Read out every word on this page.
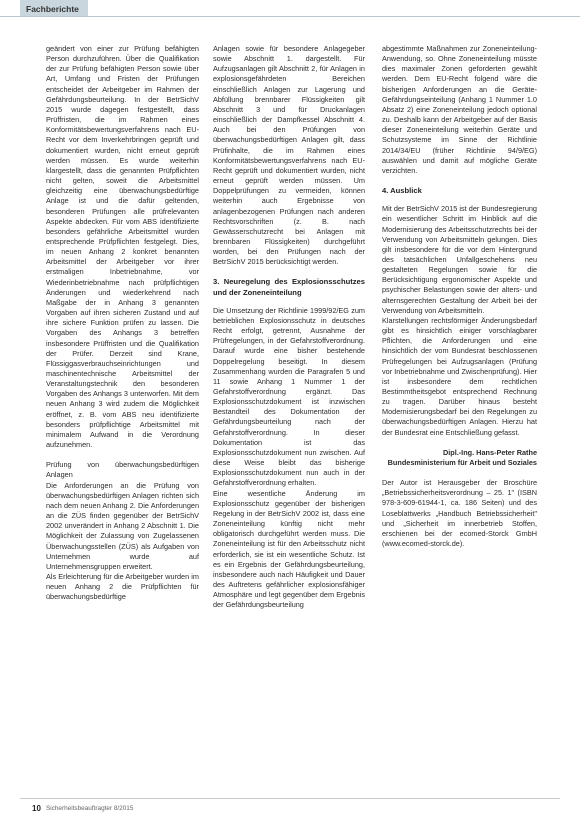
Fachberichte

geändert von einer zur Prüfung befähigten Person durchzuführen. Über die Qualifikation der zur Prüfung befähigten Person sowie über Art, Umfang und Fristen der Prüfungen entscheidet der Arbeitgeber im Rahmen der Gefährdungsbeurteilung. In der BetrSichV 2015 wurde dagegen festgestellt, dass Prüffristen, die im Rahmen eines Konformitätsbewertungsverfahrens nach EU-Recht vor dem Inverkehrbringen geprüft und dokumentiert wurden, nicht erneut geprüft werden müssen. Es wurde weiterhin klargestellt, dass die genannten Prüfpflichten nicht gelten, soweit die Arbeitsmittel gleichzeitig eine überwachungsbedürftige Anlage ist und die dafür geltenden, besonderen Prüfungen alle prüfrelevanten Aspekte abdecken. Für vom ABS identifizierte besonders gefährliche Arbeitsmittel wurden entsprechende Prüfpflichten festgelegt. Dies, im neuen Anhang 2 konkret benannten Arbeitsmittel der Arbeitgeber vor ihrer erstmaligen Inbetriebnahme, vor Wiederinbetriebnahme nach prüfpflichtigen Änderungen und wiederkehrend nach Maßgabe der in Anhang 3 genannten Vorgaben auf ihren sicheren Zustand und auf ihre sichere Funktion prüfen zu lassen. Die Vorgaben des Anhangs 3 betreffen insbesondere Prüffristen und die Qualifikation der Prüfer. Derzeit sind Krane, Flüssiggasverbrauchseinrichtungen und maschinentechnische Arbeitsmittel der Veranstaltungstechnik den besonderen Vorgaben des Anhangs 3 unterworfen. Mit dem neuen Anhang 3 wird zudem die Möglichkeit eröffnet, z. B. vom ABS neu identifizierte besonders prüfpflichtige Arbeitsmittel mit minimalem Aufwand in die Verordnung aufzunehmen.

Prüfung von überwachungsbedürftigen Anlagen

Die Anforderungen an die Prüfung von überwachungsbedürftigen Anlagen richten sich nach dem neuen Anhang 2. Die Anforderungen an die ZÜS finden gegenüber der BetrSichV 2002 unverändert in Anhang 2 Abschnitt 1. Die Möglichkeit der Zulassung von Zugelassenen Überwachungsstellen (ZÜS) als Aufgaben von Unternehmen wurde auf Unternehmensgruppen erweitert.

Als Erleichterung für die Arbeitgeber wurden im neuen Anhang 2 die Prüfpflichten für überwachungsbedürftige

Anlagen sowie für besondere Anlagegeber sowie Abschnitt 1. dargestellt. Für Aufzugsanlagen gilt Abschnitt 2, für Anlagen in explosionsgefährdeten Bereichen einschließlich Anlagen zur Lagerung und Abfüllung brennbarer Flüssigkeiten gilt Abschnitt 3 und für Druckanlagen einschließlich der Dampfkessel Abschnitt 4. Auch bei den Prüfungen von überwachungsbedürftigen Anlagen gilt, dass Prüfinhalte, die im Rahmen eines Konformitätsbewertungsverfahrens nach EU-Recht geprüft und dokumentiert wurden, nicht erneut geprüft werden müssen. Um Doppelprüfungen zu vermeiden, können weiterhin auch Ergebnisse von anlagenbezogenen Prüfungen nach anderen Rechtsvorschriften (z. B. nach Gewässerschutzrecht bei Anlagen mit brennbaren Flüssigkeiten) durchgeführt worden, bei den Prüfungen nach der BetrSichV 2015 berücksichtigt werden.

3. Neuregelung des Explosionsschutzes und der Zoneneinteilung

Die Umsetzung der Richtlinie 1999/92/EG zum betrieblichen Explosionsschutz in deutsches Recht erfolgt, getrennt, Ausnahme der Prüfregelungen, in der Gefahrstoffverordnung. Darauf wurde eine bisher bestehende Doppelregelung beseitigt. In diesem Zusammenhang wurden die Paragrafen 5 und 11 sowie Anhang 1 Nummer 1 der Gefahrstoffverordnung ergänzt. Das Explosionsschutzdokument ist inzwischen Bestandteil des Dokumentation der Gefährdungsbeurteilung nach der Gefahrstoffverordnung. In dieser Dokumentation ist das Explosionsschutzdokument nun zwischen. Auf diese Weise bleibt das bisherige Explosionsschutzdokument nun auch in der Gefahrstoffverordnung erhalten.

Eine wesentliche Änderung im Explosionsschutz gegenüber der bisherigen Regelung in der BetrSichV 2002 ist, dass eine Zoneneinteilung künftig nicht mehr obligatorisch durchgeführt werden muss. Die Zoneneinteilung ist für den Arbeitsschutz nicht erforderlich, sie ist ein wesentliche Schutz. Ist es ein Ergebnis der Gefährdungsbeurteilung, insbesondere auch nach Häufigkeit und Dauer des Auftretens gefährlicher explosionsfähiger Atmosphäre und legt gegenüber dem Ergebnis der Gefährdungsbeurteilung

abgestimmte Maßnahmen zur Zoneneinteilung-Anwendung, so. Ohne Zoneneinteilung müsste dies maximaler Zonen geforderten gewählt werden. Dem EU-Recht folgend wäre die bisherigen Anforderungen an die Geräte-Gefährdungseinteilung (Anhang 1 Nummer 1.0 Absatz 2) eine Zoneneinteilung jedoch optional zu. Deshalb kann der Arbeitgeber auf der Basis dieser Zoneneinteilung weiterhin Geräte und Schutzsysteme im Sinne der Richtlinie 2014/34/EU (früher Richtlinie 94/9/EG) auswählen und damit auf mögliche Geräte verzichten.

4. Ausblick

Mit der BetrSichV 2015 ist der Bundesregierung ein wesentlicher Schritt im Hinblick auf die Modernisierung des Arbeitsschutzrechts bei der Verwendung von Arbeitsmitteln gelungen. Dies gilt insbesondere für die vor dem Hintergrund des tatsächlichen Unfallgeschehens neu gestalteten Regelungen sowie für die Berücksichtigung ergonomischer Aspekte und psychischer Belastungen sowie der alters- und alternsgerechten Gestaltung der Arbeit bei der Verwendung von Arbeitsmitteln.

Klarstellungen rechtsförmiger Änderungsbedarf gibt es hinsichtlich einiger vorschlagbarer Pflichten, die Anforderungen und eine hinsichtlich der vom Bundesrat beschlossenen Prüfregelungen bei Aufzugsanlagen (Prüfung vor Inbetriebnahme und Zwischenprüfung). Hier ist insbesondere dem rechtlichen Bestimmtheitsgebot entsprechend Rechnung zu tragen. Darüber hinaus besteht Modernisierungsbedarf bei den Regelungen zu überwachungsbedürftigen Anlagen. Hierzu hat der Bundesrat eine Entschließung gefasst.

Dipl.-Ing. Hans-Peter Rathe

Bundesministerium für Arbeit und Soziales

Der Autor ist Herausgeber der Broschüre „Betriebssicherheitsverordnung – 25. 1" (ISBN 978-3-609-61944-1, ca. 186 Seiten) und des Loseblattwerks „Handbuch Betriebssicherheit" und „Sicherheit im innerbetrieb Stoffen, erschienen bei der ecomed-Storck GmbH (www.ecomed-storck.de).

10 Sicherheitsbeauftragter 8/2015
